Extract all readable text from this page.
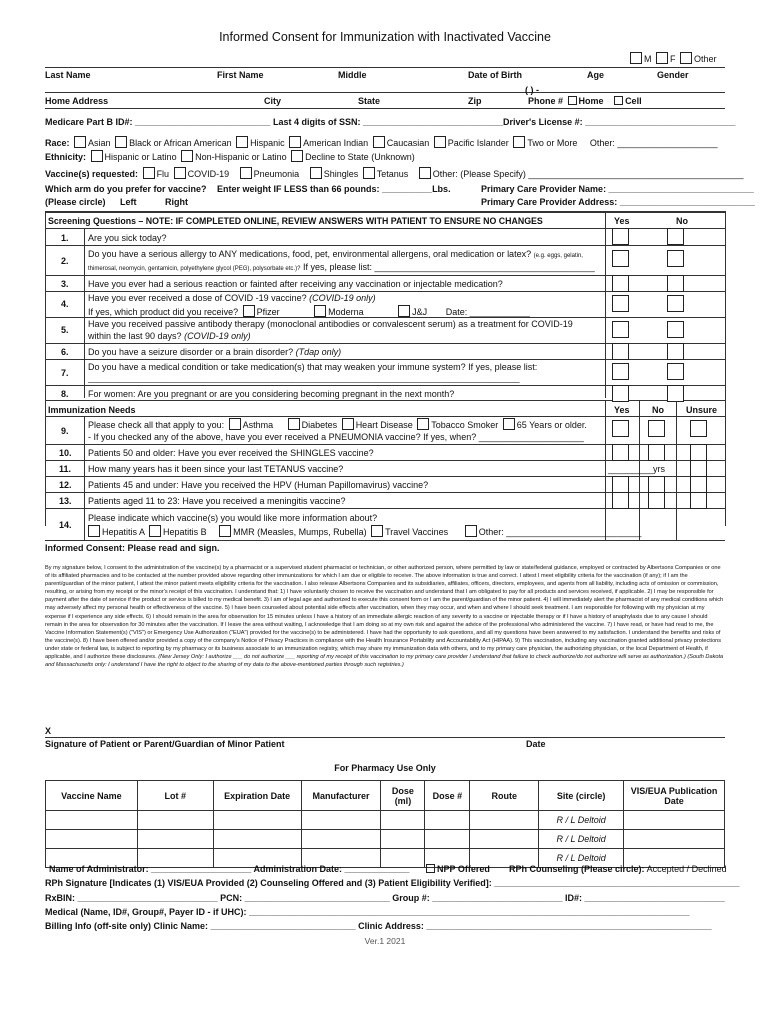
Informed Consent for Immunization with Inactivated Vaccine
M F Other
Last Name	First Name	Middle	Date of Birth	Age	Gender
( ) -
Home Address	City	State	Zip	Phone # Home Cell
Medicare Part B ID#: ___________________________ Last 4 digits of SSN: ____________________________ Driver's License #: ______________________________
Race: Asian Black or African American Hispanic American Indian Caucasian Pacific Islander Two or More Other: ____________________
Ethnicity: Hispanic or Latino Non-Hispanic or Latino Decline to State (Unknown)
Vaccine(s) requested: Flu COVID-19	Pneumonia	Shingles Tetanus	Other: (Please Specify) ___________________________________________
Which arm do you prefer for vaccine? Enter weight IF LESS than 66 pounds: __________Lbs.	Primary Care Provider Name: _____________________________
(Please circle) Left	Right	Primary Care Provider Address: ___________________________
Screening Questions – NOTE: IF COMPLETED ONLINE, REVIEW ANSWERS WITH PATIENT TO ENSURE NO CHANGES	Yes	No
1. Are you sick today?
2.
Do you have a serious allergy to ANY medications, food, pet, environmental allergens, oral medication or latex? (e.g. eggs, gelatin,
thimerosal, neomycin, gentamicin, polyethylene glycol (PEG), polysorbate etc.)? If yes, please list: ____________________________________________
3. Have you ever had a serious reaction or fainted after receiving any vaccination or injectable medication?
4.
Have you ever received a dose of COVID -19 vaccine? (COVID-19 only)
If yes, which product did you receive? Pfizer	Moderna	J&J Date: ____________
5.
Have you received passive antibody therapy (monoclonal antibodies or convalescent serum) as a treatment for COVID-19
within the last 90 days? (COVID-19 only)
6. Do you have a seizure disorder or a brain disorder? (Tdap only)
7.
Do you have a medical condition or take medication(s) that may weaken your immune system? If yes, please list:
_________________________________________________________________________________________________
8. For women: Are you pregnant or are you considering becoming pregnant in the next month?
Immunization Needs	Yes No Unsure
9.
Please check all that apply to you: Asthma	Diabetes Heart Disease Tobacco Smoker 65 Years or older.
- If you checked any of the above, have you ever received a PNEUMONIA vaccine? If yes, when? _____________________
10. Patients 50 and older: Have you ever received the SHINGLES vaccine?
11. How many years has it been since your last TETANUS vaccine?	_________yrs
12. Patients 45 and under: Have you received the HPV (Human Papillomavirus) vaccine?
13. Patients aged 11 to 23: Have you received a meningitis vaccine?
14.
Please indicate which vaccine(s) you would like more information about?
Hepatitis A Hepatitis B	MMR (Measles, Mumps, Rubella) Travel Vaccines	Other: ___________________________
Informed Consent: Please read and sign.
By my signature below, I consent to the administration of the vaccine(s) by a pharmacist or a supervised student pharmacist or technician, or other authorized person, where permitted by law or state/federal guidance, employed or contracted by Albertsons Companies or one of its affiliated pharmacies and to be contacted at the number provided above regarding other immunizations for which I am due or eligible to receive. The above information is true and correct. I attest I meet eligibility criteria for the vaccination (if any); if I am the parent/guardian of the minor patient, I attest the minor patient meets eligibility criteria for the vaccination. I also release Albertsons Companies and its subsidiaries, affiliates, officers, directors, employees, and agents from all liability, including acts of omission or commission, resulting, or arising from my receipt or the minor's receipt of this vaccination. I understand that: 1) I have voluntarily chosen to receive the vaccination and understand that I am obligated to pay for all products and services received, if applicable. 2) I may be responsible for payment after the date of service if the product or service is billed to my medical benefit. 3) I am of legal age and authorized to execute this consent form or I am the parent/guardian of the minor patient. 4) I will immediately alert the pharmacist of any medical conditions which may adversely affect my personal health or effectiveness of the vaccine. 5) I have been counseled about potential side effects after vaccination, when they may occur, and when and where I should seek treatment. I am responsible for following with my physician at my expense if I experience any side effects. 6) I should remain in the area for observation for 15 minutes unless I have a history of an immediate allergic reaction of any severity to a vaccine or injectable therapy or if I have a history of anaphylaxis due to any cause I should remain in the area for observation for 30 minutes after the vaccination. If I leave the area without waiting, I acknowledge that I am doing so at my own risk and against the advice of the professional who administered the vaccine. 7) I have read, or have had read to me, the Vaccine Information Statement(s) ("VIS") or Emergency Use Authorization ("EUA") provided for the vaccine(s) to be administered. I have had the opportunity to ask questions, and all my questions have been answered to my satisfaction. I understand the benefits and risks of the vaccine(s). 8) I have been offered and/or provided a copy of the company's Notice of Privacy Practices in compliance with the Health Insurance Portability and Accountability Act (HIPAA). 9) This vaccination, including any vaccination granted additional privacy protections under state or federal law, is subject to reporting by my pharmacy or its business associate to an immunization registry, which may share my immunization data with others, and to my primary care physician, the authorizing physician, or the local Department of Health, if applicable, and I authorize these disclosures. (New Jersey Only: I authorize ___ do not authorize ___ reporting of my receipt of this vaccination to my primary care provider I understand that failure to check authorize/do not authorize will serve as authorization.) (South Dakota and Massachusetts only: I understand I have the right to object to the sharing of my data to the above-mentioned parties through such registries.)
X
Signature of Patient or Parent/Guardian of Minor Patient	Date
For Pharmacy Use Only
Vaccine Name	Lot #	Expiration Date	Manufacturer	Dose (ml)	Dose #	Route	Site (circle)	VIS/EUA Publication Date
							R / L Deltoid	
							R / L Deltoid	
							R / L Deltoid	
Name of Administrator: ____________________ Administration Date: _____________	NPP Offered RPh Counseling (Please circle): Accepted / Declined
RPh Signature [Indicates (1) VIS/EUA Provided (2) Counseling Offered and (3) Patient Eligibility Verified]: _________________________________________________
RxBIN: ____________________________ PCN: _____________________________ Group #: __________________________ ID#: ____________________________
Medical (Name, ID#, Group#, Payer ID - if UHC): ________________________________________________________________________________________
Billing Info (off-site only) Clinic Name: _____________________________ Clinic Address: _________________________________________________________
Ver.1 2021
